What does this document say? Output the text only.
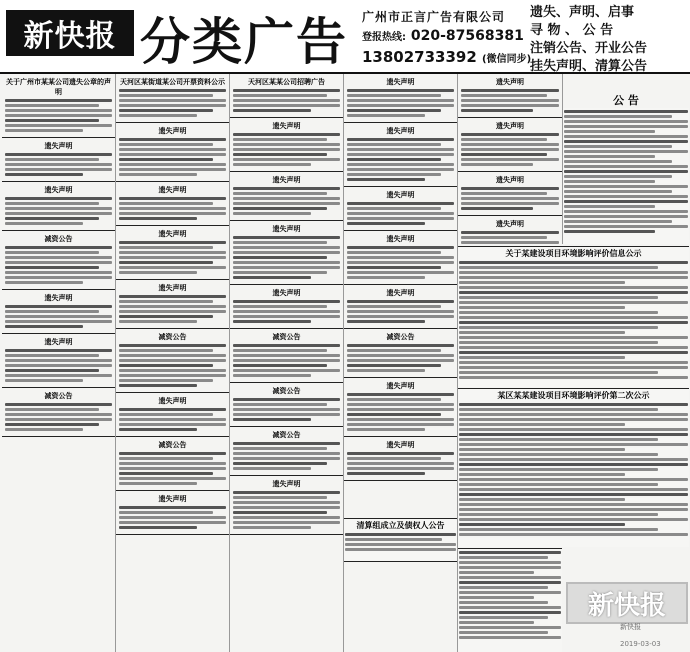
新快报 分类广告 广州市正言广告有限公司
登报热线: 020-87568381
13802733392 (微信同步)
遗失、声明、启事
寻 物 、 公 告
注销公告、开业公告
挂失声明、清算公告
关于广州市某某公司遗失公章的声明
遗失声明
遗失声明
减资公告
遗失声明
遗失声明
减资公告
天河区某街道某公司开票资料公示
遗失声明
遗失声明
遗失声明
遗失声明
减资公告
遗失声明
减资公告
遗失声明
天河区某某公司招聘广告
遗失声明
遗失声明
遗失声明
遗失声明
减资公告
减资公告
减资公告
遗失声明
遗失声明
遗失声明
遗失声明
遗失声明
遗失声明
减资公告
遗失声明
遗失声明
遗失声明
遗失声明
遗失声明
遗失声明
公 告
关于某建设项目环境影响评价信息公示
某区某某建设项目环境影响评价第二次公示
清算组成立及债权人公告
新快报
新快报
2019-03-03
